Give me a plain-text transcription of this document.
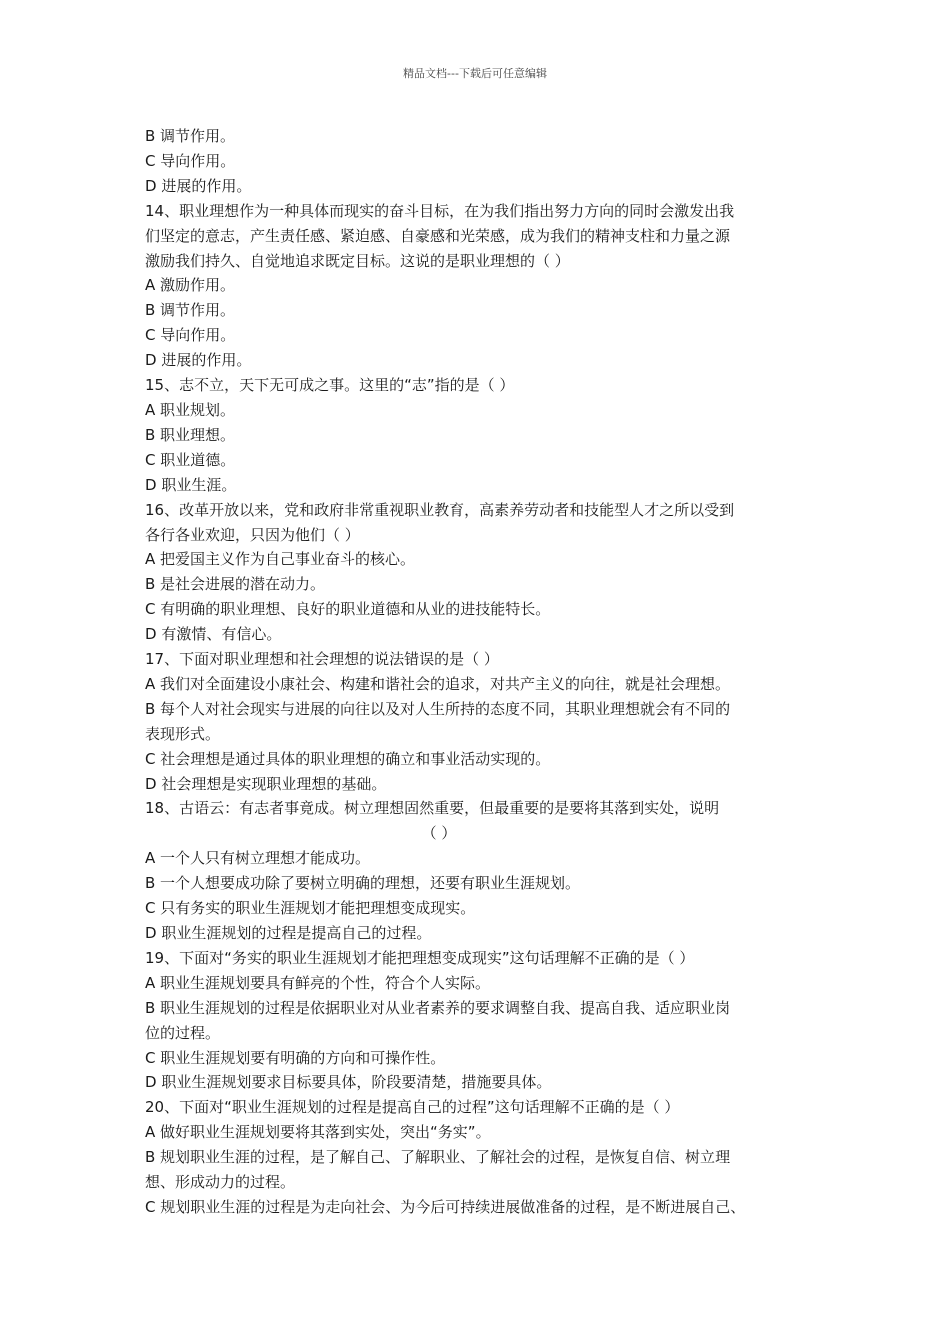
精品文档---下载后可任意编辑
B 调节作用。
C 导向作用。
D 进展的作用。
14、职业理想作为一种具体而现实的奋斗目标，在为我们指出努力方向的同时会激发出我
们坚定的意志，产生责任感、紧迫感、自豪感和光荣感，成为我们的精神支柱和力量之源
激励我们持久、自觉地追求既定目标。这说的是职业理想的（ ）
A 激励作用。
B 调节作用。
C 导向作用。
D 进展的作用。
15、志不立，天下无可成之事。这里的“志”指的是（ ）
A 职业规划。
B 职业理想。
C 职业道德。
D 职业生涯。
16、改革开放以来，党和政府非常重视职业教育，高素养劳动者和技能型人才之所以受到
各行各业欢迎，只因为他们（ ）
A 把爱国主义作为自己事业奋斗的核心。
B 是社会进展的潜在动力。
C 有明确的职业理想、良好的职业道德和从业的进技能特长。
D 有激情、有信心。
17、下面对职业理想和社会理想的说法错误的是（ ）
A 我们对全面建设小康社会、构建和谐社会的追求，对共产主义的向往，就是社会理想。
B 每个人对社会现实与进展的向往以及对人生所持的态度不同，其职业理想就会有不同的
表现形式。
C 社会理想是通过具体的职业理想的确立和事业活动实现的。
D 社会理想是实现职业理想的基础。
18、古语云：有志者事竟成。树立理想固然重要，但最重要的是要将其落到实处，说明
（ ）
A 一个人只有树立理想才能成功。
B 一个人想要成功除了要树立明确的理想，还要有职业生涯规划。
C 只有务实的职业生涯规划才能把理想变成现实。
D 职业生涯规划的过程是提高自己的过程。
19、下面对“务实的职业生涯规划才能把理想变成现实”这句话理解不正确的是（ ）
A 职业生涯规划要具有鲜亮的个性，符合个人实际。
B 职业生涯规划的过程是依据职业对从业者素养的要求调整自我、提高自我、适应职业岗
位的过程。
C 职业生涯规划要有明确的方向和可操作性。
D 职业生涯规划要求目标要具体，阶段要清楚，措施要具体。
20、下面对“职业生涯规划的过程是提高自己的过程”这句话理解不正确的是（ ）
A 做好职业生涯规划要将其落到实处，突出“务实”。
B 规划职业生涯的过程，是了解自己、了解职业、了解社会的过程，是恢复自信、树立理
想、形成动力的过程。
C 规划职业生涯的过程是为走向社会、为今后可持续进展做准备的过程，是不断进展自己、
